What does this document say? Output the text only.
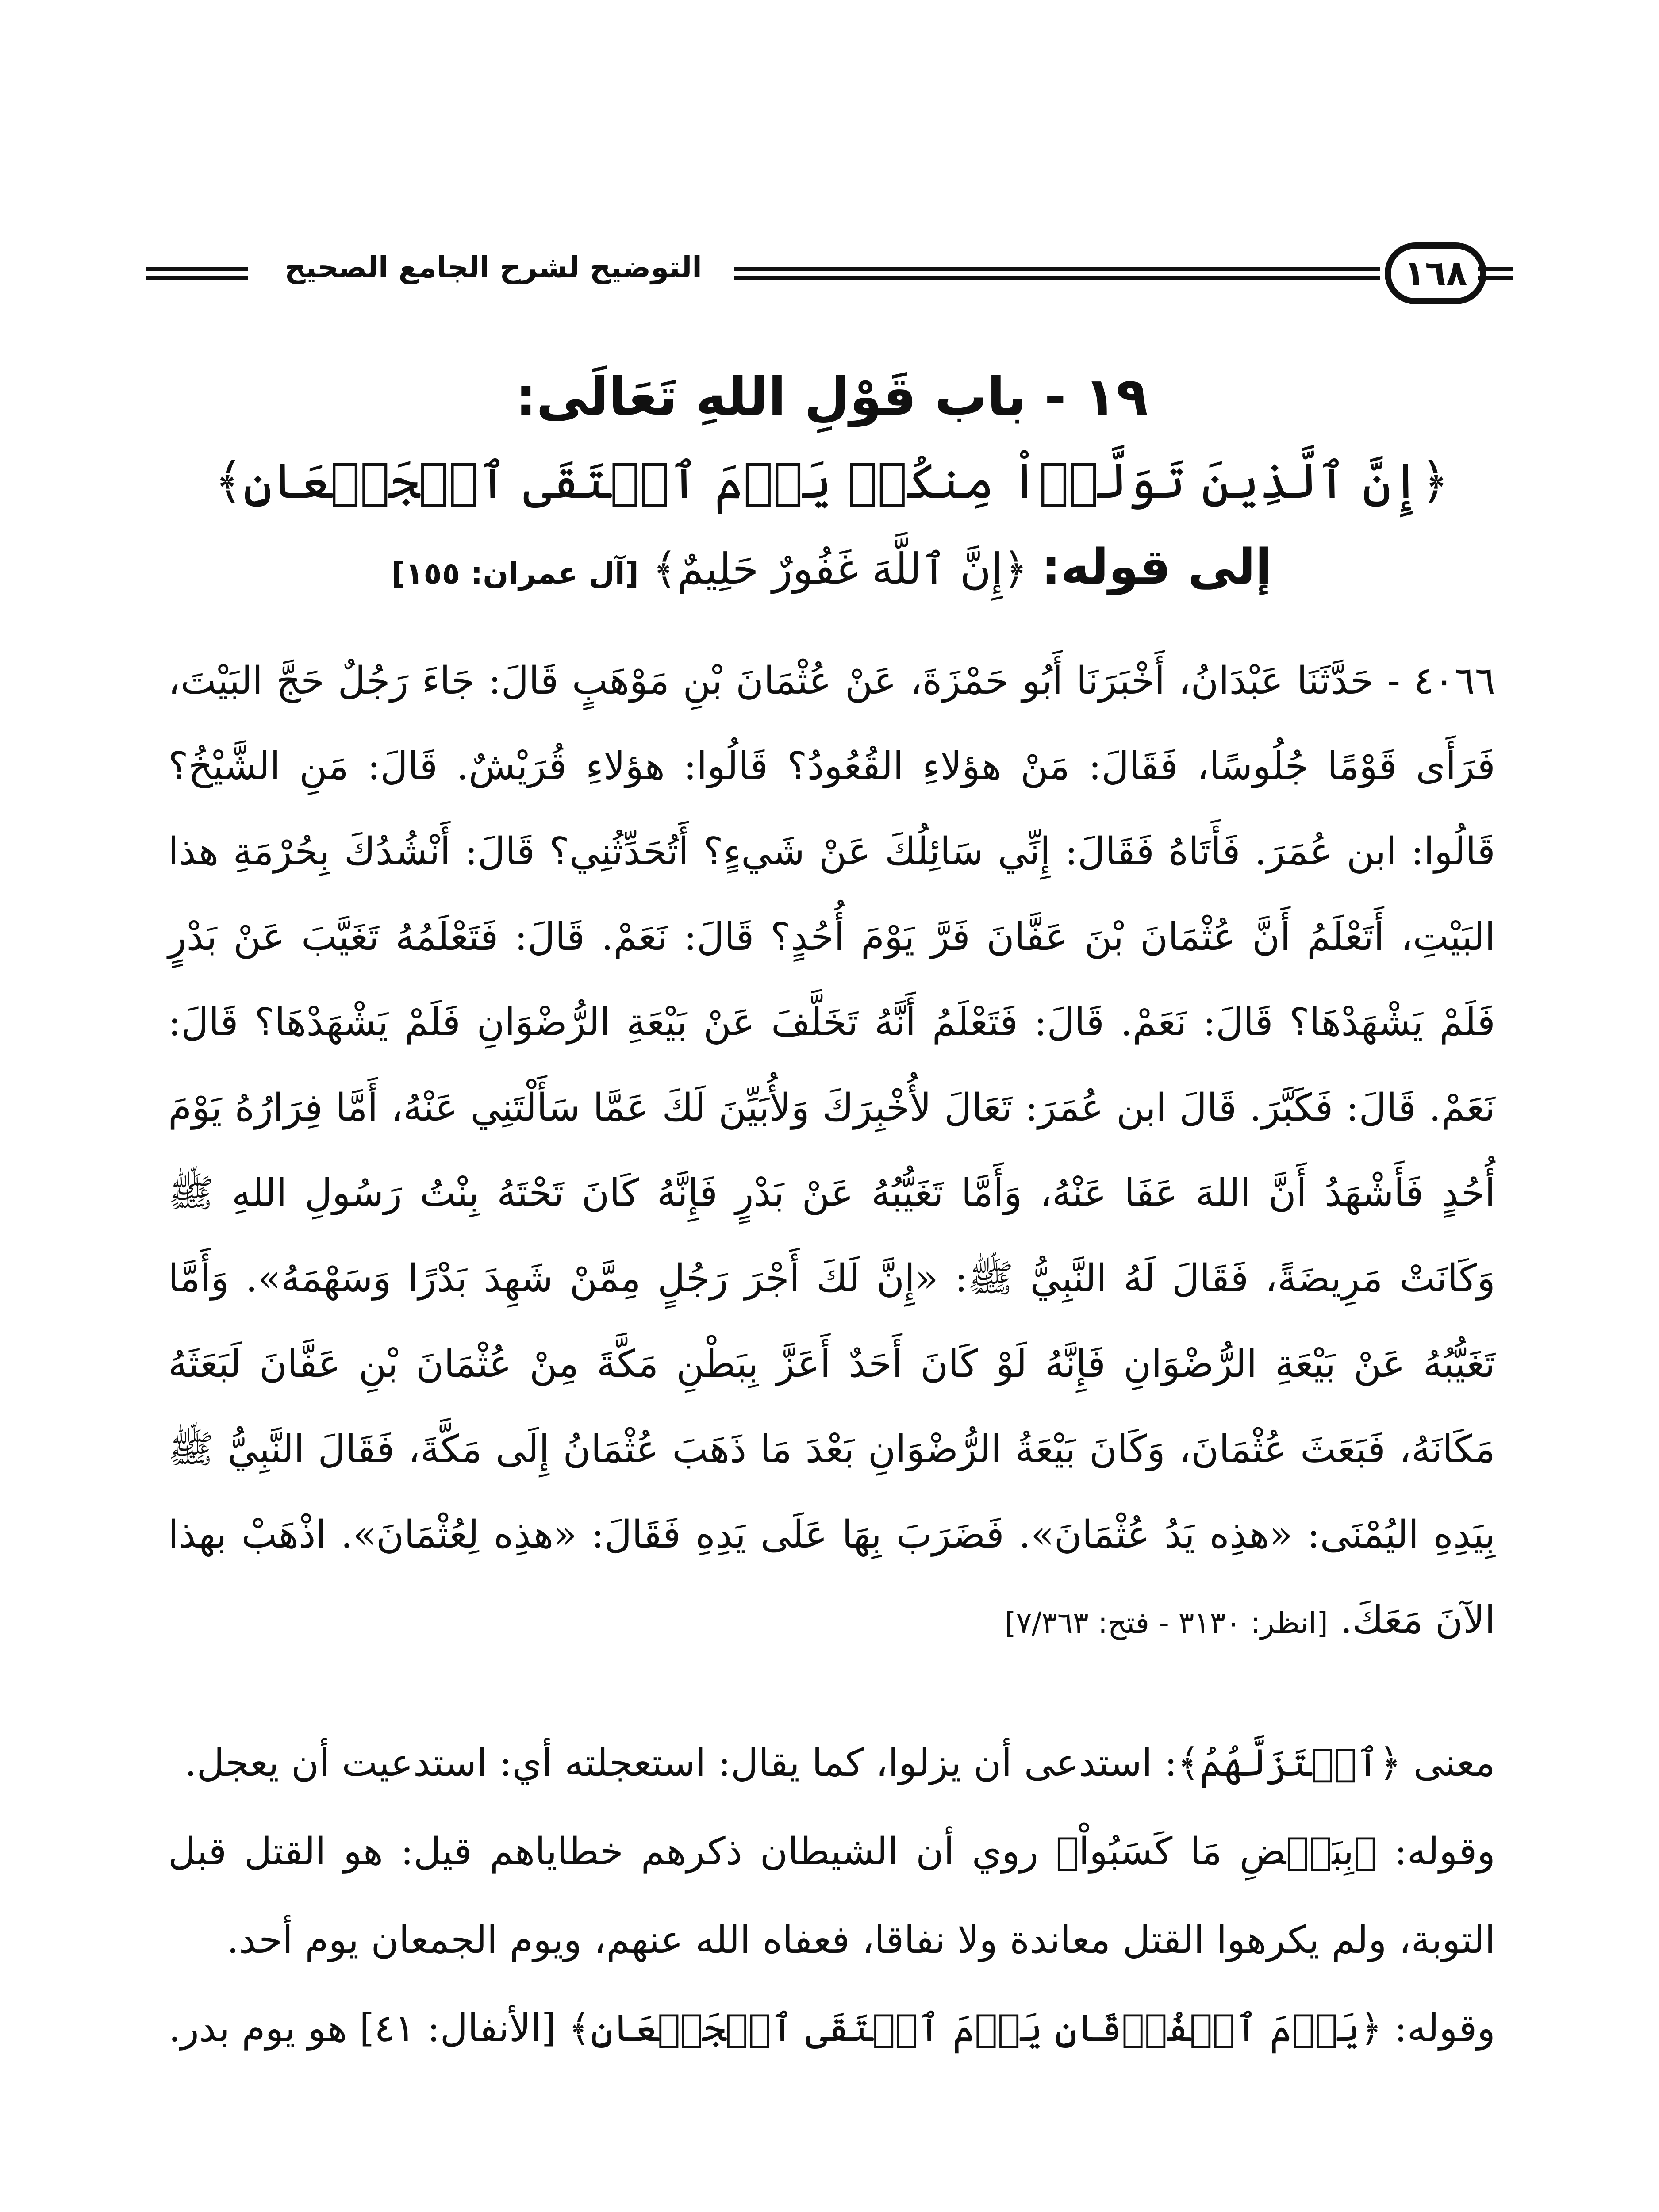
التوضيح لشرح الجامع الصحيح	١٦٨
١٩ - باب قَوْلِ اللهِ تَعَالَى:

﴿إِنَّ ٱلَّذِينَ تَوَلَّوۡاْ مِنكُمۡ يَوۡمَ ٱلۡتَقَى ٱلۡجَمۡعَانِ﴾

إلى قوله: ﴿إِنَّ ٱللَّهَ غَفُورٌ حَلِيمٌ﴾ [آل عمران: ١٥٥]

٤٠٦٦ - حَدَّثَنَا عَبْدَانُ، أَخْبَرَنَا أَبُو حَمْزَةَ، عَنْ عُثْمَانَ بْنِ مَوْهَبٍ قَالَ: جَاءَ رَجُلٌ حَجَّ البَيْتَ، فَرَأَى قَوْمًا جُلُوسًا، فَقَالَ: مَنْ هؤلاءِ القُعُودُ؟ قَالُوا: هؤلاءِ قُرَيْشٌ. قَالَ: مَنِ الشَّيْخُ؟ قَالُوا: ابن عُمَرَ. فَأَتَاهُ فَقَالَ: إِنِّي سَائِلُكَ عَنْ شَيءٍ؟ أَتُحَدِّثُنِي؟ قَالَ: أَنْشُدُكَ بِحُرْمَةِ هذا البَيْتِ، أَتَعْلَمُ أَنَّ عُثْمَانَ بْنَ عَفَّانَ فَرَّ يَوْمَ أُحُدٍ؟ قَالَ: نَعَمْ. قَالَ: فَتَعْلَمُهُ تَغَيَّبَ عَنْ بَدْرٍ فَلَمْ يَشْهَدْهَا؟ قَالَ: نَعَمْ. قَالَ: فَتَعْلَمُ أَنَّهُ تَخَلَّفَ عَنْ بَيْعَةِ الرُّضْوَانِ فَلَمْ يَشْهَدْهَا؟ قَالَ: نَعَمْ. قَالَ: فَكَبَّرَ. قَالَ ابن عُمَرَ: تَعَالَ لأُخْبِرَكَ وَلأُبَيِّنَ لَكَ عَمَّا سَأَلْتَنِي عَنْهُ، أَمَّا فِرَارُهُ يَوْمَ أُحُدٍ فَأَشْهَدُ أَنَّ اللهَ عَفَا عَنْهُ، وَأَمَّا تَغَيُّبُهُ عَنْ بَدْرٍ فَإِنَّهُ كَانَ تَحْتَهُ بِنْتُ رَسُولِ اللهِ ﷺ وَكَانَتْ مَرِيضَةً، فَقَالَ لَهُ النَّبِيُّ ﷺ: «إِنَّ لَكَ أَجْرَ رَجُلٍ مِمَّنْ شَهِدَ بَدْرًا وَسَهْمَهُ». وَأَمَّا تَغَيُّبُهُ عَنْ بَيْعَةِ الرُّضْوَانِ فَإِنَّهُ لَوْ كَانَ أَحَدٌ أَعَزَّ بِبَطْنِ مَكَّةَ مِنْ عُثْمَانَ بْنِ عَفَّانَ لَبَعَثَهُ مَكَانَهُ، فَبَعَثَ عُثْمَانَ، وَكَانَ بَيْعَةُ الرُّضْوَانِ بَعْدَ مَا ذَهَبَ عُثْمَانُ إِلَى مَكَّةَ، فَقَالَ النَّبِيُّ ﷺ بِيَدِهِ اليُمْنَى: «هذِه يَدُ عُثْمَانَ». فَضَرَبَ بِهَا عَلَى يَدِهِ فَقَالَ: «هذِه لِعُثْمَانَ». اذْهَبْ بهذا الآنَ مَعَكَ. [انظر: ٣١٣٠ - فتح: ٧/٣٦٣]

معنى ﴿ٱسۡتَزَلَّهُمُ﴾: استدعى أن يزلوا، كما يقال: استعجلته أي: استدعيت أن يعجل.

وقوله: ﴿بِبَعۡضِ مَا كَسَبُواْ﴾ روي أن الشيطان ذكرهم خطاياهم قيل: هو القتل قبل التوبة، ولم يكرهوا القتل معاندة ولا نفاقا، فعفاه الله عنهم، ويوم الجمعان يوم أحد.

وقوله: ﴿يَوۡمَ ٱلۡفُرۡقَانِ يَوۡمَ ٱلۡتَقَى ٱلۡجَمۡعَانِ﴾ [الأنفال: ٤١] هو يوم بدر.
